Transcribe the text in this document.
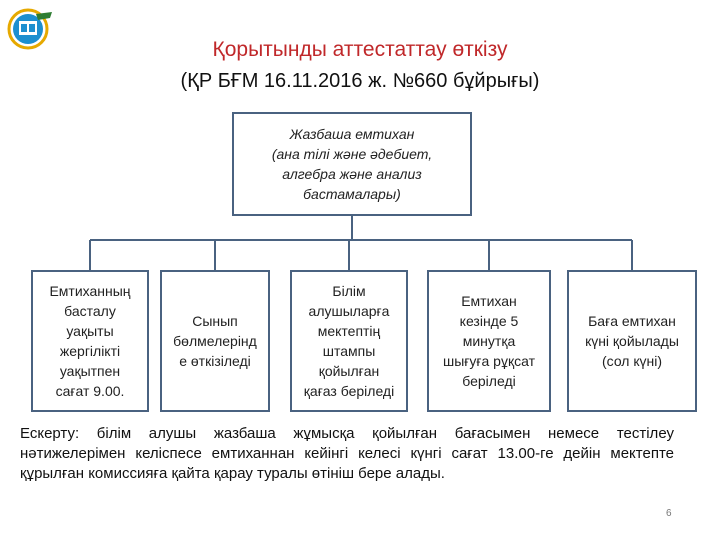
Қорытынды аттестаттау өткізу
(ҚР БҒМ 16.11.2016 ж. №660 бұйрығы)
Жазбаша емтихан
(ана тілі және әдебиет,
алгебра және анализ
бастамалары)
Емтиханның
басталу
уақыты
жергілікті
уақытпен
сағат 9.00.
Сынып
бөлмелерінд
е өткізіледі
Білім
алушыларға
мектептің
штампы
қойылған
қағаз беріледі
Емтихан
кезінде 5
минутқа
шығуға рұқсат
беріледі
Баға емтихан
күні қойылады
(сол күні)
Ескерту: білім алушы жазбаша жұмысқа қойылған бағасымен немесе тестілеу нәтижелерімен келіспесе емтиханнан кейінгі келесі күнгі сағат 13.00-ге дейін мектепте құрылған комиссияға қайта қарау туралы өтініш бере алады.
6
